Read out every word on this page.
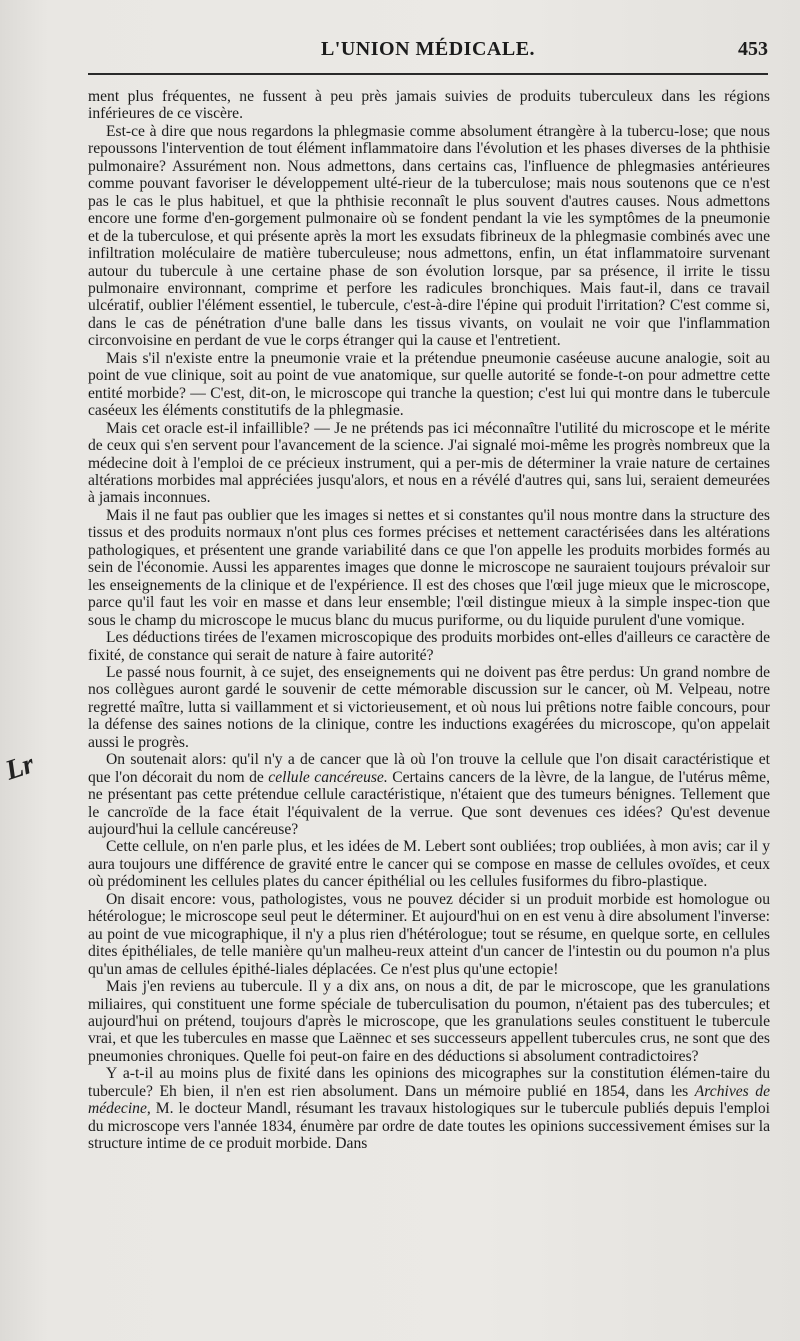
L'UNION MÉDICALE.	453
Lr

ment plus fréquentes, ne fussent à peu près jamais suivies de produits tuberculeux dans les régions inférieures de ce viscère.

Est-ce à dire que nous regardons la phlegmasie comme absolument étrangère à la tubercu-lose; que nous repoussons l'intervention de tout élément inflammatoire dans l'évolution et les phases diverses de la phthisie pulmonaire? Assurément non. Nous admettons, dans certains cas, l'influence de phlegmasies antérieures comme pouvant favoriser le développement ulté-rieur de la tuberculose; mais nous soutenons que ce n'est pas le cas le plus habituel, et que la phthisie reconnaît le plus souvent d'autres causes. Nous admettons encore une forme d'en-gorgement pulmonaire où se fondent pendant la vie les symptômes de la pneumonie et de la tuberculose, et qui présente après la mort les exsudats fibrineux de la phlegmasie combinés avec une infiltration moléculaire de matière tuberculeuse; nous admettons, enfin, un état inflammatoire survenant autour du tubercule à une certaine phase de son évolution lorsque, par sa présence, il irrite le tissu pulmonaire environnant, comprime et perfore les radicules bronchiques. Mais faut-il, dans ce travail ulcératif, oublier l'élément essentiel, le tubercule, c'est-à-dire l'épine qui produit l'irritation? C'est comme si, dans le cas de pénétration d'une balle dans les tissus vivants, on voulait ne voir que l'inflammation circonvoisine en perdant de vue le corps étranger qui la cause et l'entretient.

Mais s'il n'existe entre la pneumonie vraie et la prétendue pneumonie caséeuse aucune analogie, soit au point de vue clinique, soit au point de vue anatomique, sur quelle autorité se fonde-t-on pour admettre cette entité morbide? — C'est, dit-on, le microscope qui tranche la question; c'est lui qui montre dans le tubercule caséeux les éléments constitutifs de la phlegmasie.

Mais cet oracle est-il infaillible? — Je ne prétends pas ici méconnaître l'utilité du microscope et le mérite de ceux qui s'en servent pour l'avancement de la science. J'ai signalé moi-même les progrès nombreux que la médecine doit à l'emploi de ce précieux instrument, qui a per-mis de déterminer la vraie nature de certaines altérations morbides mal appréciées jusqu'alors, et nous en a révélé d'autres qui, sans lui, seraient demeurées à jamais inconnues.

Mais il ne faut pas oublier que les images si nettes et si constantes qu'il nous montre dans la structure des tissus et des produits normaux n'ont plus ces formes précises et nettement caractérisées dans les altérations pathologiques, et présentent une grande variabilité dans ce que l'on appelle les produits morbides formés au sein de l'économie. Aussi les apparentes images que donne le microscope ne sauraient toujours prévaloir sur les enseignements de la clinique et de l'expérience. Il est des choses que l'œil juge mieux que le microscope, parce qu'il faut les voir en masse et dans leur ensemble; l'œil distingue mieux à la simple inspec-tion que sous le champ du microscope le mucus blanc du mucus puriforme, ou du liquide purulent d'une vomique.

Les déductions tirées de l'examen microscopique des produits morbides ont-elles d'ailleurs ce caractère de fixité, de constance qui serait de nature à faire autorité?

Le passé nous fournit, à ce sujet, des enseignements qui ne doivent pas être perdus: Un grand nombre de nos collègues auront gardé le souvenir de cette mémorable discussion sur le cancer, où M. Velpeau, notre regretté maître, lutta si vaillamment et si victorieusement, et où nous lui prêtions notre faible concours, pour la défense des saines notions de la clinique, contre les inductions exagérées du microscope, qu'on appelait aussi le progrès.

On soutenait alors: qu'il n'y a de cancer que là où l'on trouve la cellule que l'on disait caractéristique et que l'on décorait du nom de cellule cancéreuse. Certains cancers de la lèvre, de la langue, de l'utérus même, ne présentant pas cette prétendue cellule caractéristique, n'étaient que des tumeurs bénignes. Tellement que le cancroïde de la face était l'équivalent de la verrue. Que sont devenues ces idées? Qu'est devenue aujourd'hui la cellule cancéreuse?

Cette cellule, on n'en parle plus, et les idées de M. Lebert sont oubliées; trop oubliées, à mon avis; car il y aura toujours une différence de gravité entre le cancer qui se compose en masse de cellules ovoïdes, et ceux où prédominent les cellules plates du cancer épithélial ou les cellules fusiformes du fibro-plastique.

On disait encore: vous, pathologistes, vous ne pouvez décider si un produit morbide est homologue ou hétérologue; le microscope seul peut le déterminer. Et aujourd'hui on en est venu à dire absolument l'inverse: au point de vue micographique, il n'y a plus rien d'hétérologue; tout se résume, en quelque sorte, en cellules dites épithéliales, de telle manière qu'un malheu-reux atteint d'un cancer de l'intestin ou du poumon n'a plus qu'un amas de cellules épithé-liales déplacées. Ce n'est plus qu'une ectopie!

Mais j'en reviens au tubercule. Il y a dix ans, on nous a dit, de par le microscope, que les granulations miliaires, qui constituent une forme spéciale de tuberculisation du poumon, n'étaient pas des tubercules; et aujourd'hui on prétend, toujours d'après le microscope, que les granulations seules constituent le tubercule vrai, et que les tubercules en masse que Laënnec et ses successeurs appellent tubercules crus, ne sont que des pneumonies chroniques. Quelle foi peut-on faire en des déductions si absolument contradictoires?

Y a-t-il au moins plus de fixité dans les opinions des micographes sur la constitution élémen-taire du tubercule? Eh bien, il n'en est rien absolument. Dans un mémoire publié en 1854, dans les Archives de médecine, M. le docteur Mandl, résumant les travaux histologiques sur le tubercule publiés depuis l'emploi du microscope vers l'année 1834, énumère par ordre de date toutes les opinions successivement émises sur la structure intime de ce produit morbide. Dans
